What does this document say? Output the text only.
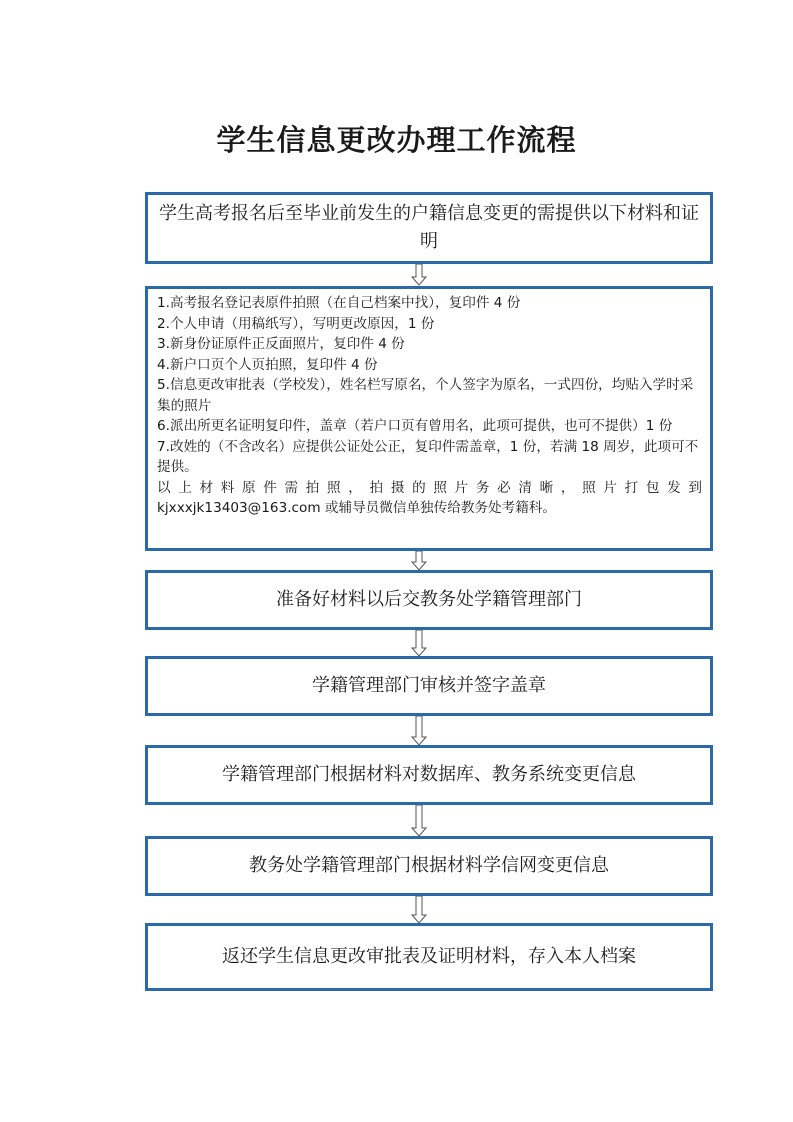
学生信息更改办理工作流程
学生高考报名后至毕业前发生的户籍信息变更的需提供以下材料和证明
1.高考报名登记表原件拍照（在自己档案中找），复印件 4 份
2.个人申请（用稿纸写），写明更改原因，1 份
3.新身份证原件正反面照片，复印件 4 份
4.新户口页个人页拍照，复印件 4 份
5.信息更改审批表（学校发），姓名栏写原名，个人签字为原名，一式四份，均贴入学时采集的照片
6.派出所更名证明复印件，盖章（若户口页有曾用名，此项可提供，也可不提供）1 份
7.改姓的（不含改名）应提供公证处公正，复印件需盖章，1 份，若满 18 周岁，此项可不提供。
以上材料原件需拍照，拍摄的照片务必清晰，照片打包发到
kjxxxjk13403@163.com 或辅导员微信单独传给教务处考籍科。
准备好材料以后交教务处学籍管理部门
学籍管理部门审核并签字盖章
学籍管理部门根据材料对数据库、教务系统变更信息
教务处学籍管理部门根据材料学信网变更信息
返还学生信息更改审批表及证明材料，存入本人档案
